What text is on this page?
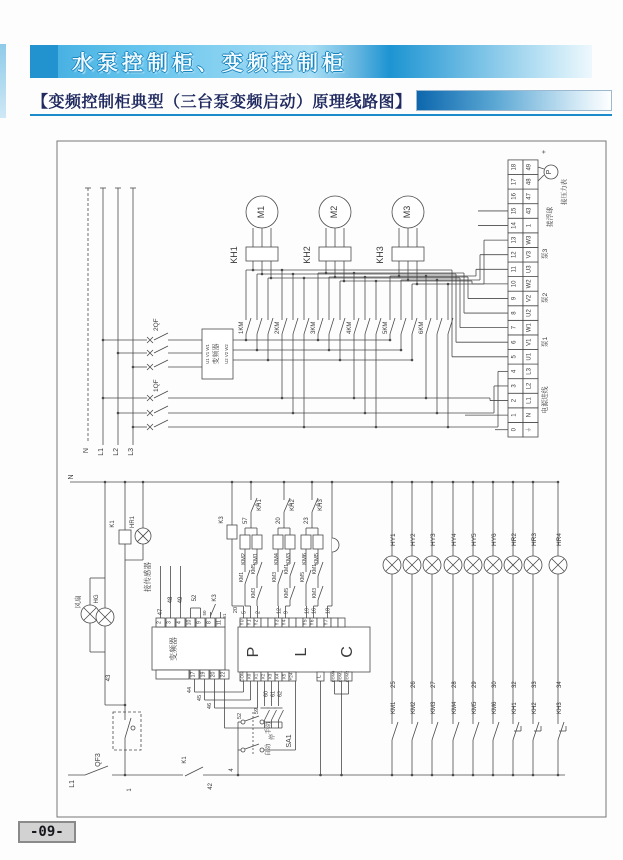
水泵控制柜、变频控制柜
【变频控制柜典型（三台泵变频启动）原理线路图】
N L1 L2 L3
2QF
1QF
U1 V1 W1 变频器 U2 V2 W2
1KM	2KM	3KM	4KM	5KM	6KM
M1
KH1
M2
KH2
M3
KH3
0 ⏚
1 N
2 L1
3 L2
4 L3
5 U1
6 V1
7 W1
8 U2
9 V2
10 W2
11 U3
12 V3
13 W3
14 1
15 43
16 47
17 48
18 49
电源进线
泵1
泵2
泵3
接浮球
P
+
接压力表
N
K1 HR1
风扇 HG
43
L1
QF3
1
K1
42
变频器
2 3 4 10 9 8 11
47
48 49
接传感器
52 K3
50
51
17 19 20 22
P L C
Y0 Y1 Y2	Y3 Y4	Y5 Y6 Y7
5 2	12 9	19 16 18
COM X0 X1 X2 X3 X4 X5 +24	L COM0 COM1 COM2
K3
20
KH1
57
KM2 KM1
KM1
KM5
KM3
KH2
20
KM4 KM3
KM3
KM1
KM5
KH3
23
KM6 KM5
KM5
KM1
KM3
44
45
46
60 61 62
手动
停
自动
SA1
52
59
4
HY1
25
KM1
HY2
26
KM2
HY3
27
KM3
HY4
28
KM4
HY5
29
KM5
HY6
30
KM6
HR2
32
KH1
HR3
33
KH2
HR4
34
KH3
-09-
